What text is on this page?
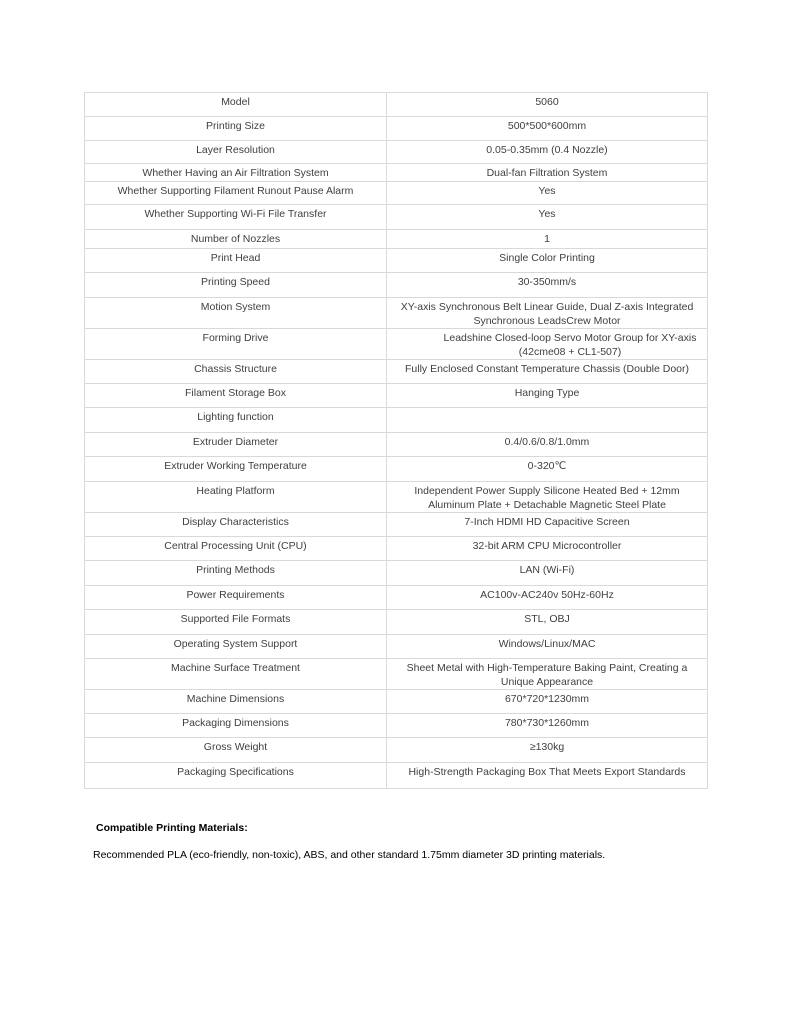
Model	5060
Printing Size	500*500*600mm
Layer Resolution	0.05-0.35mm (0.4 Nozzle)
Whether Having an Air Filtration System	Dual-fan Filtration System
Whether Supporting Filament Runout Pause Alarm	Yes
Whether Supporting Wi-Fi File Transfer	Yes
Number of Nozzles	1
Print Head	Single Color Printing
Printing Speed	30-350mm/s
Motion System	XY-axis Synchronous Belt Linear Guide, Dual Z-axis Integrated Synchronous LeadsCrew Motor
Forming Drive	Leadshine Closed-loop Servo Motor Group for XY-axis (42cme08 + CL1-507)
Chassis Structure	Fully Enclosed Constant Temperature Chassis (Double Door)
Filament Storage Box	Hanging Type
Lighting function	
Extruder Diameter	0.4/0.6/0.8/1.0mm
Extruder Working Temperature	0-320℃
Heating Platform	Independent Power Supply Silicone Heated Bed + 12mm Aluminum Plate + Detachable Magnetic Steel Plate
Display Characteristics	7-Inch HDMI HD Capacitive Screen
Central Processing Unit (CPU)	32-bit ARM CPU Microcontroller
Printing Methods	LAN (Wi-Fi)
Power Requirements	AC100v-AC240v 50Hz-60Hz
Supported File Formats	STL, OBJ
Operating System Support	Windows/Linux/MAC
Machine Surface Treatment	Sheet Metal with High-Temperature Baking Paint, Creating a Unique Appearance
Machine Dimensions	670*720*1230mm
Packaging Dimensions	780*730*1260mm
Gross Weight	≥130kg
Packaging Specifications	High-Strength Packaging Box That Meets Export Standards

Compatible Printing Materials:

Recommended PLA (eco-friendly, non-toxic), ABS, and other standard 1.75mm diameter 3D printing materials.
